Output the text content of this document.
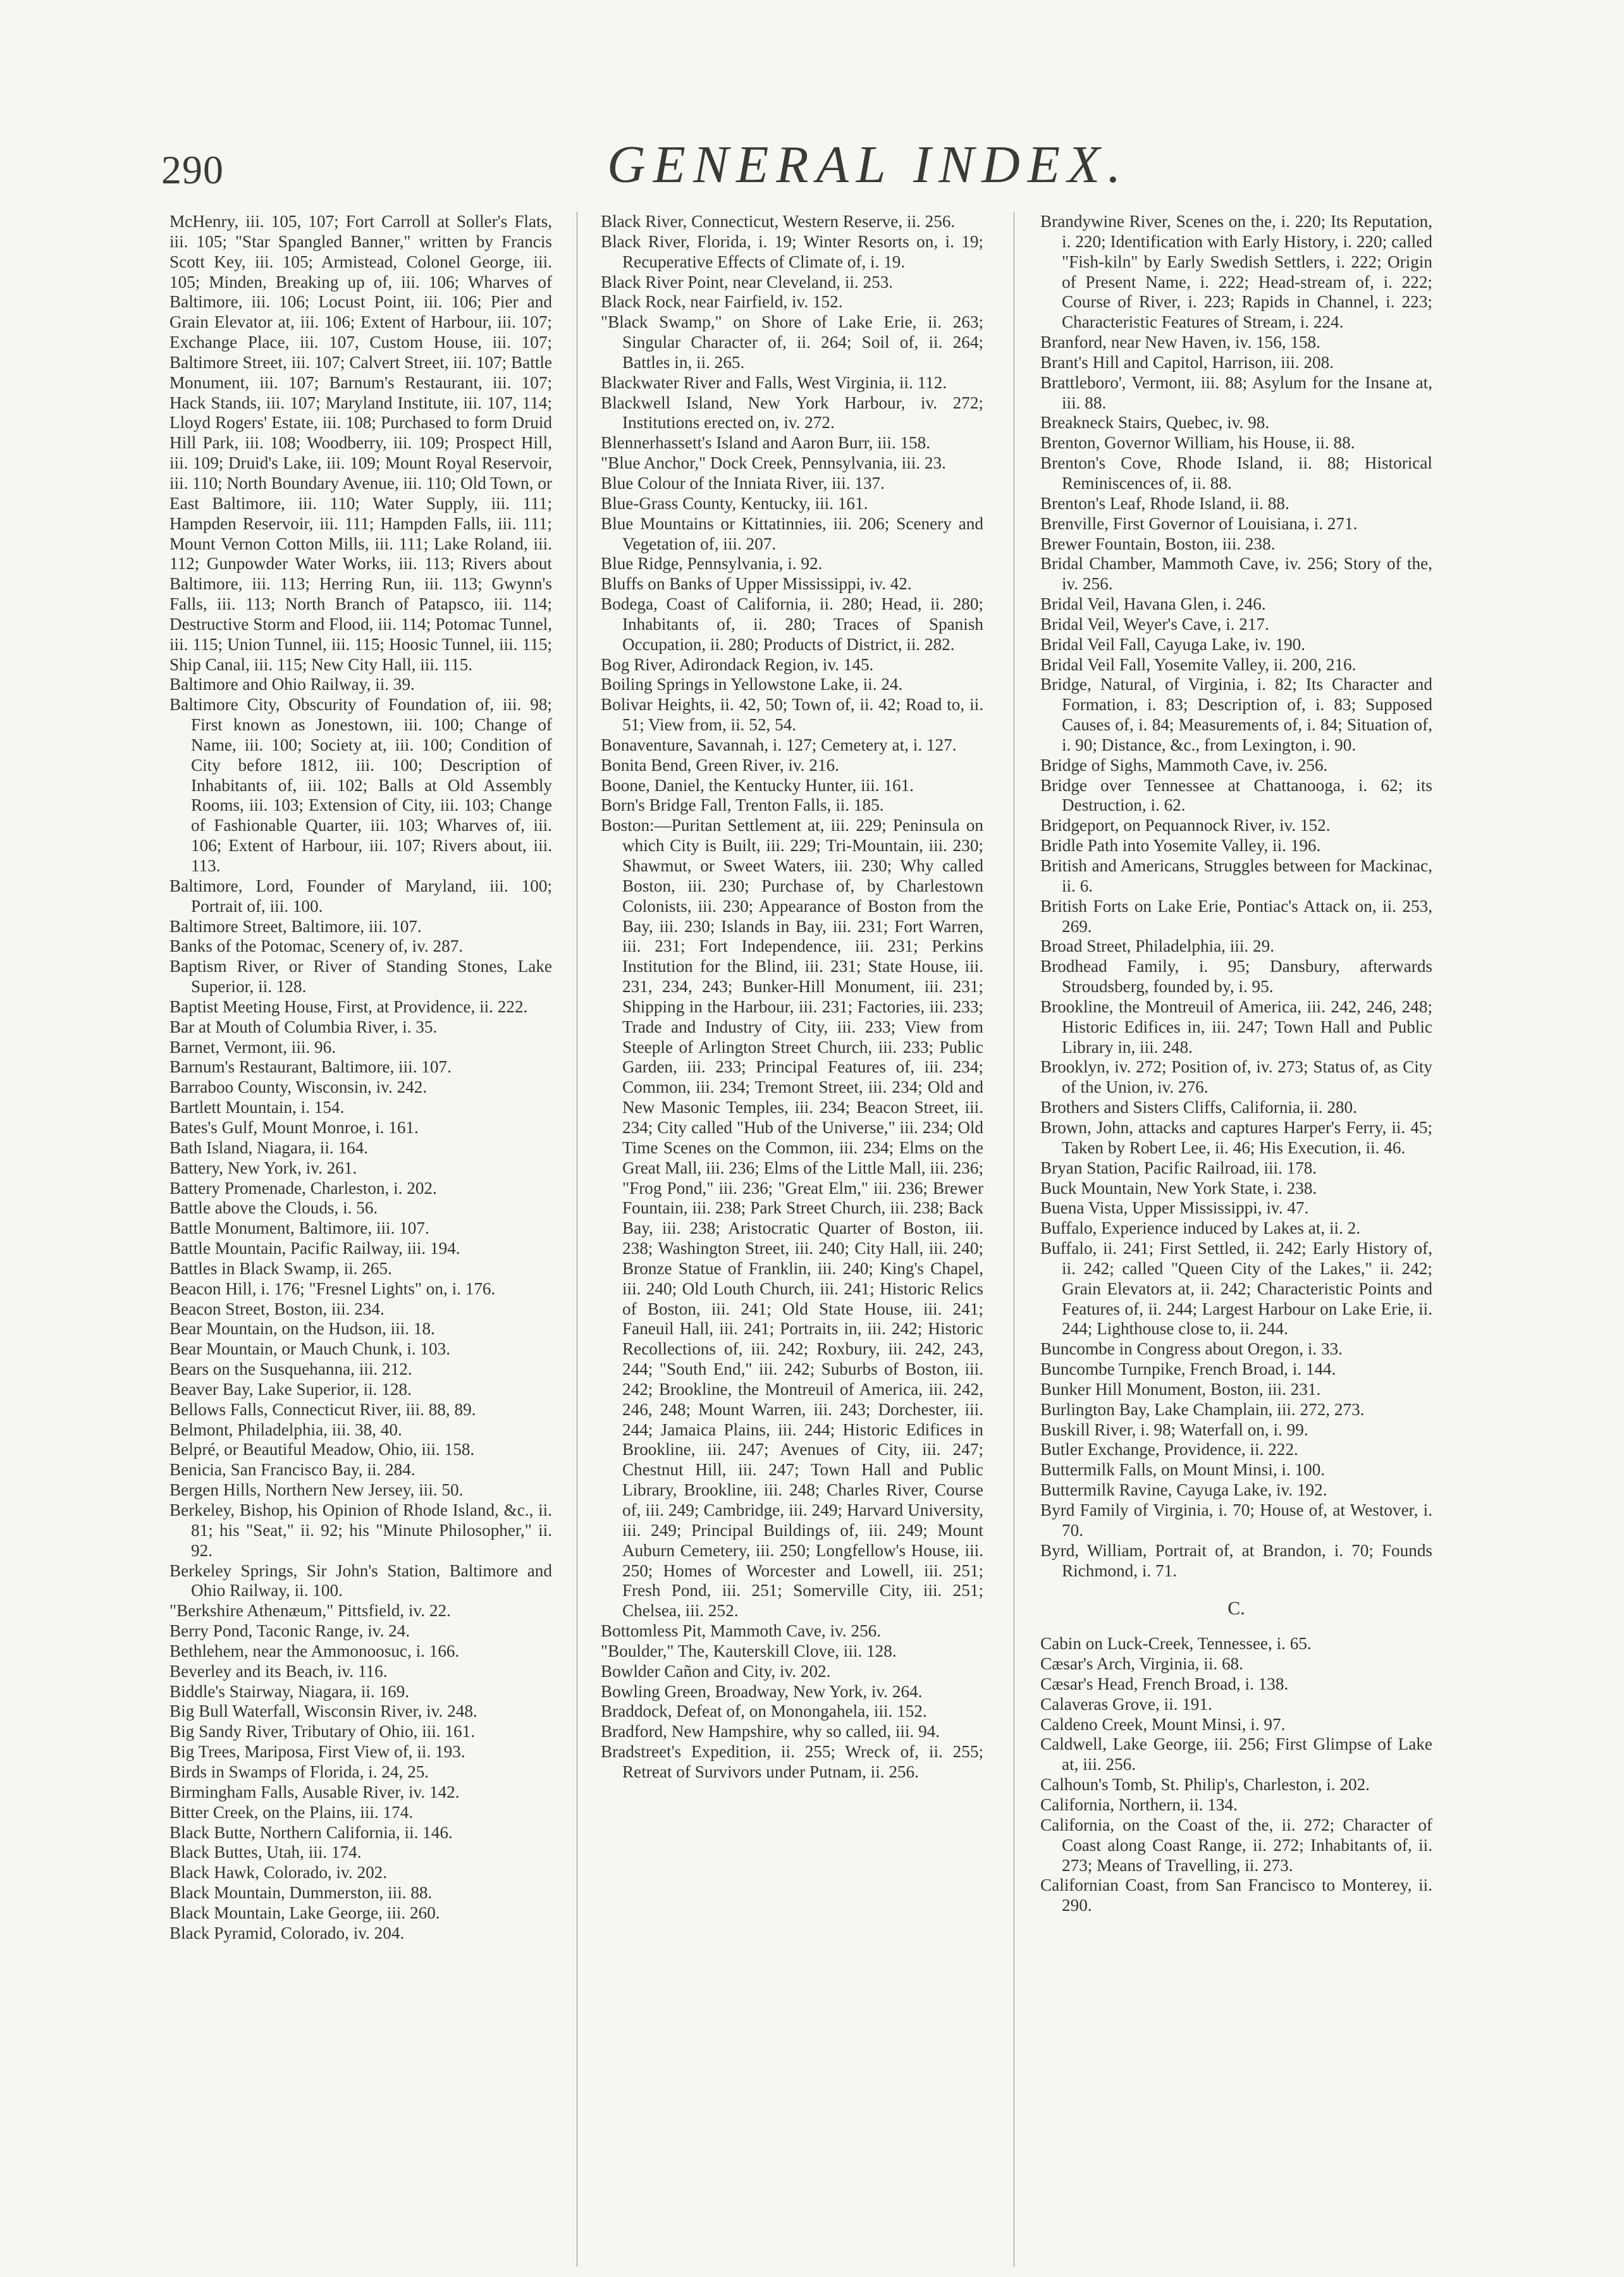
290	GENERAL INDEX.

McHenry, iii. 105, 107; Fort Carroll at Soller's Flats, iii. 105; "Star Spangled Banner," written by Francis Scott Key, iii. 105; Armistead, Colonel George, iii. 105; Minden, Breaking up of, iii. 106; Wharves of Baltimore, iii. 106; Locust Point, iii. 106; Pier and Grain Elevator at, iii. 106; Extent of Harbour, iii. 107; Exchange Place, iii. 107, Custom House, iii. 107; Baltimore Street, iii. 107; Calvert Street, iii. 107; Battle Monument, iii. 107; Barnum's Restaurant, iii. 107; Hack Stands, iii. 107; Maryland Institute, iii. 107, 114; Lloyd Rogers' Estate, iii. 108; Purchased to form Druid Hill Park, iii. 108; Woodberry, iii. 109; Prospect Hill, iii. 109; Druid's Lake, iii. 109; Mount Royal Reservoir, iii. 110; North Boundary Avenue, iii. 110; Old Town, or East Baltimore, iii. 110; Water Supply, iii. 111; Hampden Reservoir, iii. 111; Hampden Falls, iii. 111; Mount Vernon Cotton Mills, iii. 111; Lake Roland, iii. 112; Gunpowder Water Works, iii. 113; Rivers about Baltimore, iii. 113; Herring Run, iii. 113; Gwynn's Falls, iii. 113; North Branch of Patapsco, iii. 114; Destructive Storm and Flood, iii. 114; Potomac Tunnel, iii. 115; Union Tunnel, iii. 115; Hoosic Tunnel, iii. 115; Ship Canal, iii. 115; New City Hall, iii. 115.

Baltimore and Ohio Railway, ii. 39.

Baltimore City, Obscurity of Foundation of, iii. 98; First known as Jonestown, iii. 100; Change of Name, iii. 100; Society at, iii. 100; Condition of City before 1812, iii. 100; Description of Inhabitants of, iii. 102; Balls at Old Assembly Rooms, iii. 103; Extension of City, iii. 103; Change of Fashionable Quarter, iii. 103; Wharves of, iii. 106; Extent of Harbour, iii. 107; Rivers about, iii. 113.

Baltimore, Lord, Founder of Maryland, iii. 100; Portrait of, iii. 100.

Baltimore Street, Baltimore, iii. 107.

Banks of the Potomac, Scenery of, iv. 287.

Baptism River, or River of Standing Stones, Lake Superior, ii. 128.

Baptist Meeting House, First, at Providence, ii. 222.

Bar at Mouth of Columbia River, i. 35.

Barnet, Vermont, iii. 96.

Barnum's Restaurant, Baltimore, iii. 107.

Barraboo County, Wisconsin, iv. 242.

Bartlett Mountain, i. 154.

Bates's Gulf, Mount Monroe, i. 161.

Bath Island, Niagara, ii. 164.

Battery, New York, iv. 261.

Battery Promenade, Charleston, i. 202.

Battle above the Clouds, i. 56.

Battle Monument, Baltimore, iii. 107.

Battle Mountain, Pacific Railway, iii. 194.

Battles in Black Swamp, ii. 265.

Beacon Hill, i. 176; "Fresnel Lights" on, i. 176.

Beacon Street, Boston, iii. 234.

Bear Mountain, on the Hudson, iii. 18.

Bear Mountain, or Mauch Chunk, i. 103.

Bears on the Susquehanna, iii. 212.

Beaver Bay, Lake Superior, ii. 128.

Bellows Falls, Connecticut River, iii. 88, 89.

Belmont, Philadelphia, iii. 38, 40.

Belpré, or Beautiful Meadow, Ohio, iii. 158.

Benicia, San Francisco Bay, ii. 284.

Bergen Hills, Northern New Jersey, iii. 50.

Berkeley, Bishop, his Opinion of Rhode Island, &c., ii. 81; his "Seat," ii. 92; his "Minute Philosopher," ii. 92.

Berkeley Springs, Sir John's Station, Baltimore and Ohio Railway, ii. 100.

"Berkshire Athenæum," Pittsfield, iv. 22.

Berry Pond, Taconic Range, iv. 24.

Bethlehem, near the Ammonoosuc, i. 166.

Beverley and its Beach, iv. 116.

Biddle's Stairway, Niagara, ii. 169.

Big Bull Waterfall, Wisconsin River, iv. 248.

Big Sandy River, Tributary of Ohio, iii. 161.

Big Trees, Mariposa, First View of, ii. 193.

Birds in Swamps of Florida, i. 24, 25.

Birmingham Falls, Ausable River, iv. 142.

Bitter Creek, on the Plains, iii. 174.

Black Butte, Northern California, ii. 146.

Black Buttes, Utah, iii. 174.

Black Hawk, Colorado, iv. 202.

Black Mountain, Dummerston, iii. 88.

Black Mountain, Lake George, iii. 260.

Black Pyramid, Colorado, iv. 204.

Black River, Connecticut, Western Reserve, ii. 256.

Black River, Florida, i. 19; Winter Resorts on, i. 19; Recuperative Effects of Climate of, i. 19.

Black River Point, near Cleveland, ii. 253.

Black Rock, near Fairfield, iv. 152.

"Black Swamp," on Shore of Lake Erie, ii. 263; Singular Character of, ii. 264; Soil of, ii. 264; Battles in, ii. 265.

Blackwater River and Falls, West Virginia, ii. 112.

Blackwell Island, New York Harbour, iv. 272; Institutions erected on, iv. 272.

Blennerhassett's Island and Aaron Burr, iii. 158.

"Blue Anchor," Dock Creek, Pennsylvania, iii. 23.

Blue Colour of the Inniata River, iii. 137.

Blue-Grass County, Kentucky, iii. 161.

Blue Mountains or Kittatinnies, iii. 206; Scenery and Vegetation of, iii. 207.

Blue Ridge, Pennsylvania, i. 92.

Bluffs on Banks of Upper Mississippi, iv. 42.

Bodega, Coast of California, ii. 280; Head, ii. 280; Inhabitants of, ii. 280; Traces of Spanish Occupation, ii. 280; Products of District, ii. 282.

Bog River, Adirondack Region, iv. 145.

Boiling Springs in Yellowstone Lake, ii. 24.

Bolivar Heights, ii. 42, 50; Town of, ii. 42; Road to, ii. 51; View from, ii. 52, 54.

Bonaventure, Savannah, i. 127; Cemetery at, i. 127.

Bonita Bend, Green River, iv. 216.

Boone, Daniel, the Kentucky Hunter, iii. 161.

Born's Bridge Fall, Trenton Falls, ii. 185.

Boston:—Puritan Settlement at, iii. 229; Peninsula on which City is Built, iii. 229; Tri-Mountain, iii. 230; Shawmut, or Sweet Waters, iii. 230; Why called Boston, iii. 230; Purchase of, by Charlestown Colonists, iii. 230; Appearance of Boston from the Bay, iii. 230; Islands in Bay, iii. 231; Fort Warren, iii. 231; Fort Independence, iii. 231; Perkins Institution for the Blind, iii. 231; State House, iii. 231, 234, 243; Bunker-Hill Monument, iii. 231; Shipping in the Harbour, iii. 231; Factories, iii. 233; Trade and Industry of City, iii. 233; View from Steeple of Arlington Street Church, iii. 233; Public Garden, iii. 233; Principal Features of, iii. 234; Common, iii. 234; Tremont Street, iii. 234; Old and New Masonic Temples, iii. 234; Beacon Street, iii. 234; City called "Hub of the Universe," iii. 234; Old Time Scenes on the Common, iii. 234; Elms on the Great Mall, iii. 236; Elms of the Little Mall, iii. 236; "Frog Pond," iii. 236; "Great Elm," iii. 236; Brewer Fountain, iii. 238; Park Street Church, iii. 238; Back Bay, iii. 238; Aristocratic Quarter of Boston, iii. 238; Washington Street, iii. 240; City Hall, iii. 240; Bronze Statue of Franklin, iii. 240; King's Chapel, iii. 240; Old Louth Church, iii. 241; Historic Relics of Boston, iii. 241; Old State House, iii. 241; Faneuil Hall, iii. 241; Portraits in, iii. 242; Historic Recollections of, iii. 242; Roxbury, iii. 242, 243, 244; "South End," iii. 242; Suburbs of Boston, iii. 242; Brookline, the Montreuil of America, iii. 242, 246, 248; Mount Warren, iii. 243; Dorchester, iii. 244; Jamaica Plains, iii. 244; Historic Edifices in Brookline, iii. 247; Avenues of City, iii. 247; Chestnut Hill, iii. 247; Town Hall and Public Library, Brookline, iii. 248; Charles River, Course of, iii. 249; Cambridge, iii. 249; Harvard University, iii. 249; Principal Buildings of, iii. 249; Mount Auburn Cemetery, iii. 250; Longfellow's House, iii. 250; Homes of Worcester and Lowell, iii. 251; Fresh Pond, iii. 251; Somerville City, iii. 251; Chelsea, iii. 252.

Bottomless Pit, Mammoth Cave, iv. 256.

"Boulder," The, Kauterskill Clove, iii. 128.

Bowlder Cañon and City, iv. 202.

Bowling Green, Broadway, New York, iv. 264.

Braddock, Defeat of, on Monongahela, iii. 152.

Bradford, New Hampshire, why so called, iii. 94.

Bradstreet's Expedition, ii. 255; Wreck of, ii. 255; Retreat of Survivors under Putnam, ii. 256.

Brandywine River, Scenes on the, i. 220; Its Reputation, i. 220; Identification with Early History, i. 220; called "Fish-kiln" by Early Swedish Settlers, i. 222; Origin of Present Name, i. 222; Head-stream of, i. 222; Course of River, i. 223; Rapids in Channel, i. 223; Characteristic Features of Stream, i. 224.

Branford, near New Haven, iv. 156, 158.

Brant's Hill and Capitol, Harrison, iii. 208.

Brattleboro', Vermont, iii. 88; Asylum for the Insane at, iii. 88.

Breakneck Stairs, Quebec, iv. 98.

Brenton, Governor William, his House, ii. 88.

Brenton's Cove, Rhode Island, ii. 88; Historical Reminiscences of, ii. 88.

Brenton's Leaf, Rhode Island, ii. 88.

Brenville, First Governor of Louisiana, i. 271.

Brewer Fountain, Boston, iii. 238.

Bridal Chamber, Mammoth Cave, iv. 256; Story of the, iv. 256.

Bridal Veil, Havana Glen, i. 246.

Bridal Veil, Weyer's Cave, i. 217.

Bridal Veil Fall, Cayuga Lake, iv. 190.

Bridal Veil Fall, Yosemite Valley, ii. 200, 216.

Bridge, Natural, of Virginia, i. 82; Its Character and Formation, i. 83; Description of, i. 83; Supposed Causes of, i. 84; Measurements of, i. 84; Situation of, i. 90; Distance, &c., from Lexington, i. 90.

Bridge of Sighs, Mammoth Cave, iv. 256.

Bridge over Tennessee at Chattanooga, i. 62; its Destruction, i. 62.

Bridgeport, on Pequannock River, iv. 152.

Bridle Path into Yosemite Valley, ii. 196.

British and Americans, Struggles between for Mackinac, ii. 6.

British Forts on Lake Erie, Pontiac's Attack on, ii. 253, 269.

Broad Street, Philadelphia, iii. 29.

Brodhead Family, i. 95; Dansbury, afterwards Stroudsberg, founded by, i. 95.

Brookline, the Montreuil of America, iii. 242, 246, 248; Historic Edifices in, iii. 247; Town Hall and Public Library in, iii. 248.

Brooklyn, iv. 272; Position of, iv. 273; Status of, as City of the Union, iv. 276.

Brothers and Sisters Cliffs, California, ii. 280.

Brown, John, attacks and captures Harper's Ferry, ii. 45; Taken by Robert Lee, ii. 46; His Execution, ii. 46.

Bryan Station, Pacific Railroad, iii. 178.

Buck Mountain, New York State, i. 238.

Buena Vista, Upper Mississippi, iv. 47.

Buffalo, Experience induced by Lakes at, ii. 2.

Buffalo, ii. 241; First Settled, ii. 242; Early History of, ii. 242; called "Queen City of the Lakes," ii. 242; Grain Elevators at, ii. 242; Characteristic Points and Features of, ii. 244; Largest Harbour on Lake Erie, ii. 244; Lighthouse close to, ii. 244.

Buncombe in Congress about Oregon, i. 33.

Buncombe Turnpike, French Broad, i. 144.

Bunker Hill Monument, Boston, iii. 231.

Burlington Bay, Lake Champlain, iii. 272, 273.

Buskill River, i. 98; Waterfall on, i. 99.

Butler Exchange, Providence, ii. 222.

Buttermilk Falls, on Mount Minsi, i. 100.

Buttermilk Ravine, Cayuga Lake, iv. 192.

Byrd Family of Virginia, i. 70; House of, at Westover, i. 70.

Byrd, William, Portrait of, at Brandon, i. 70; Founds Richmond, i. 71.

C.

Cabin on Luck-Creek, Tennessee, i. 65.

Cæsar's Arch, Virginia, ii. 68.

Cæsar's Head, French Broad, i. 138.

Calaveras Grove, ii. 191.

Caldeno Creek, Mount Minsi, i. 97.

Caldwell, Lake George, iii. 256; First Glimpse of Lake at, iii. 256.

Calhoun's Tomb, St. Philip's, Charleston, i. 202.

California, Northern, ii. 134.

California, on the Coast of the, ii. 272; Character of Coast along Coast Range, ii. 272; Inhabitants of, ii. 273; Means of Travelling, ii. 273.

Californian Coast, from San Francisco to Monterey, ii. 290.
